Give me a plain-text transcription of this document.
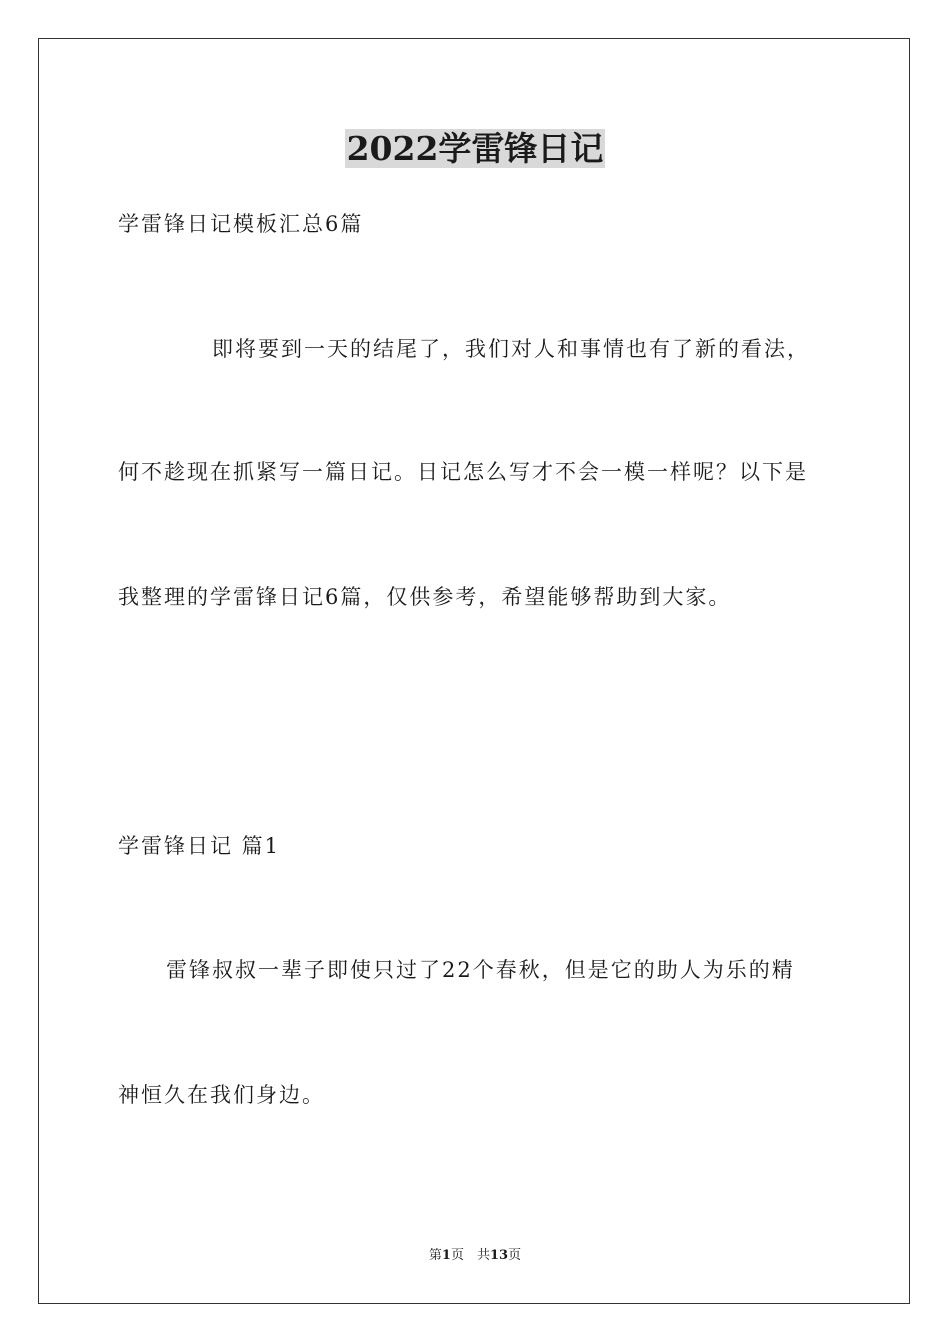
2022学雷锋日记
学雷锋日记模板汇总6篇
即将要到一天的结尾了，我们对人和事情也有了新的看法，
何不趁现在抓紧写一篇日记。日记怎么写才不会一模一样呢？以下是
我整理的学雷锋日记6篇，仅供参考，希望能够帮助到大家。
学雷锋日记 篇1
雷锋叔叔一辈子即使只过了22个春秋，但是它的助人为乐的精
神恒久在我们身边。
第1页　共13页
